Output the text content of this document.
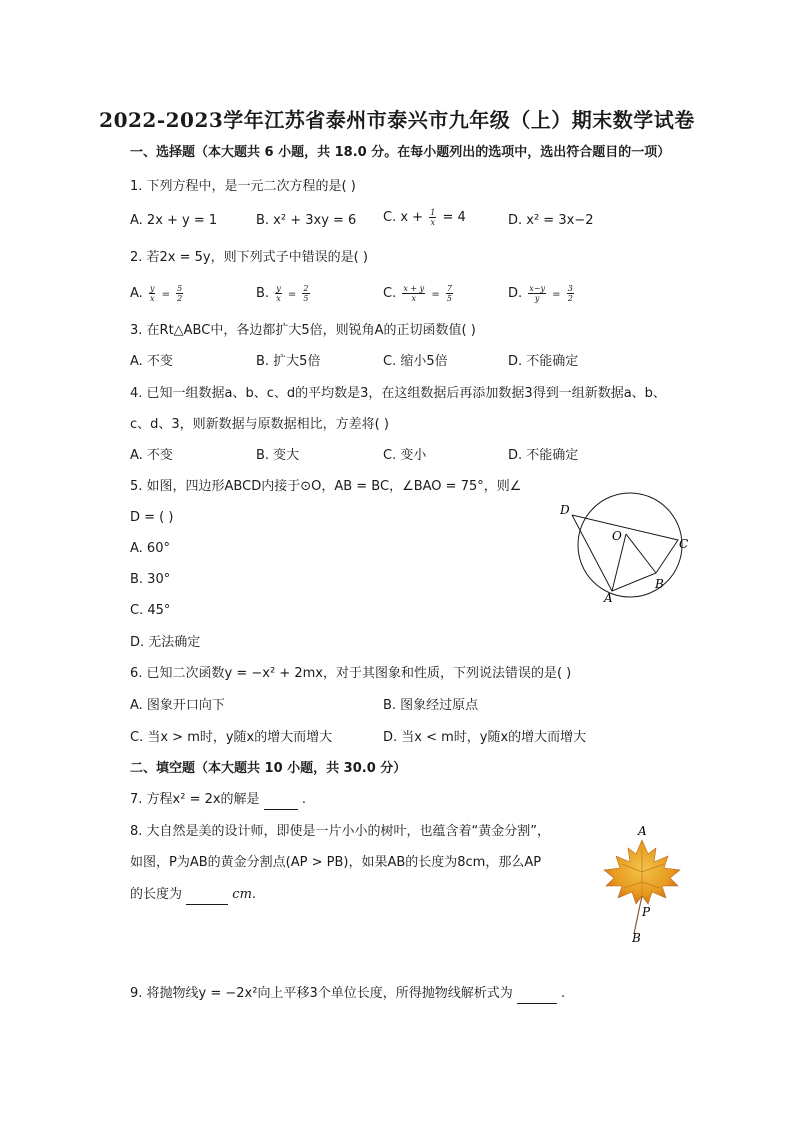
2022-2023学年江苏省泰州市泰兴市九年级（上）期末数学试卷
一、选择题（本大题共 6 小题，共 18.0 分。在每小题列出的选项中，选出符合题目的一项）
1. 下列方程中，是一元二次方程的是( )
A. 2x + y = 1	B. x² + 3xy = 6 C. $x + \frac{1}{x} = 4$	D. x² = 3x−2
2. 若2x = 5y，则下列式子中错误的是( )
A. $\frac{y}{x} = \frac{5}{2}$	B. $\frac{y}{x} = \frac{2}{5}$	C. $\frac{x + y}{x} = \frac{7}{5}$	D. $\frac{x-y}{y} = \frac{3}{2}$
3. 在Rt△ABC中，各边都扩大5倍，则锐角A的正切函数值( )
A. 不变	B. 扩大5倍	C. 缩小5倍	D. 不能确定
4. 已知一组数据a、b、c、d的平均数是3，在这组数据后再添加数据3得到一组新数据a、b、
c、d、3，则新数据与原数据相比，方差将( )
A. 不变	B. 变大	C. 变小	D. 不能确定
5. 如图，四边形ABCD内接于⊙O，AB = BC，∠BAO = 75°，则∠
D = ( )
A. 60°
B. 30°
C. 45°
D. 无法确定
D
O
C
A
B
6. 已知二次函数y = −x² + 2mx，对于其图象和性质，下列说法错误的是( )
A. 图象开口向下	B. 图象经过原点
C. 当x > m时，y随x的增大而增大	D. 当x < m时，y随x的增大而增大
二、填空题（本大题共 10 小题，共 30.0 分）
7. 方程x² = 2x的解是	.
8. 大自然是美的设计师，即使是一片小小的树叶，也蕴含着“黄金分割”，
如图，P为AB的黄金分割点(AP > PB)，如果AB的长度为8cm，那么AP
的长度为	cm.
A
P
B
9. 将抛物线y = −2x²向上平移3个单位长度，所得抛物线解析式为	.
